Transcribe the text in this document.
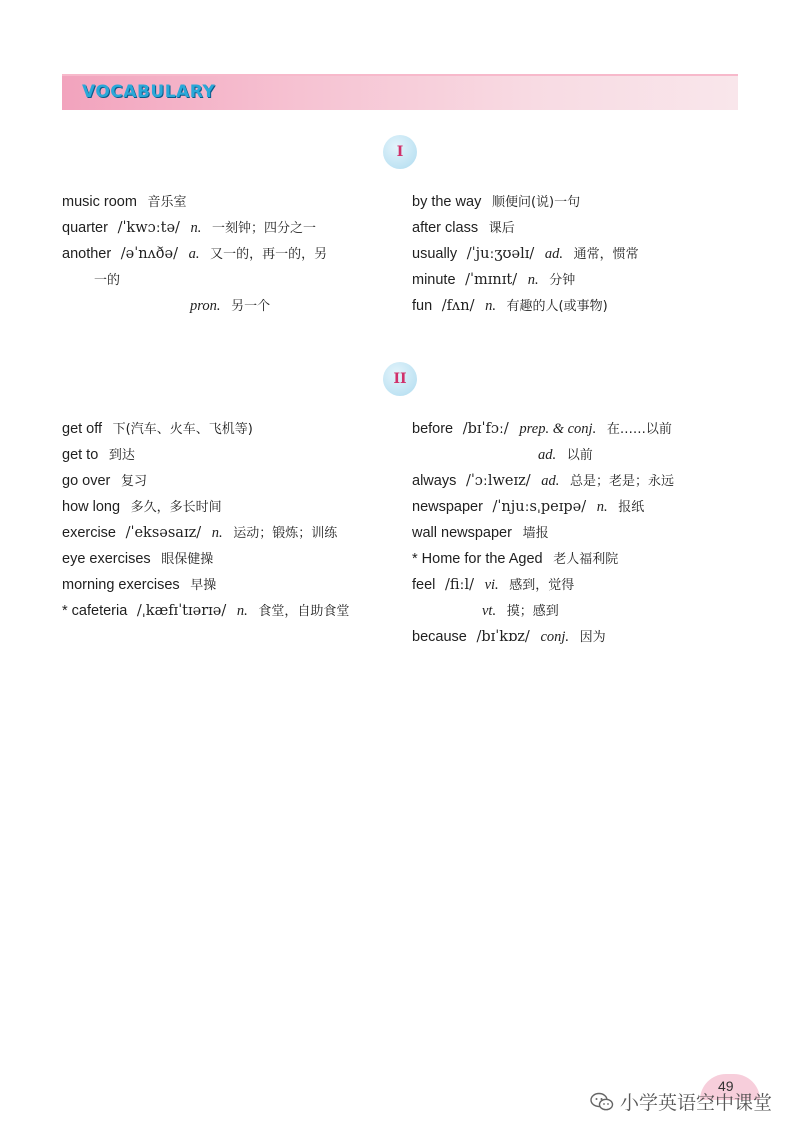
VOCABULARY
I
music room 音乐室
quarter /ˈkwɔːtə/ n. 一刻钟；四分之一
another /əˈnʌðə/ a. 又一的，再一的，另
一的
pron. 另一个
by the way 顺便问(说)一句
after class 课后
usually /ˈjuːʒʊəlɪ/ ad. 通常，惯常
minute /ˈmɪnɪt/ n. 分钟
fun /fʌn/ n. 有趣的人(或事物)
II
get off 下(汽车、火车、飞机等)
get to 到达
go over 复习
how long 多久，多长时间
exercise /ˈeksəsaɪz/ n. 运动；锻炼；训练
eye exercises 眼保健操
morning exercises 早操
* cafeteria /ˌkæfɪˈtɪərɪə/ n. 食堂，自助食堂
before /bɪˈfɔː/ prep. & conj. 在……以前
ad. 以前
always /ˈɔːlweɪz/ ad. 总是；老是；永远
newspaper /ˈnjuːsˌpeɪpə/ n. 报纸
wall newspaper 墙报
* Home for the Aged 老人福利院
feel /fiːl/ vi. 感到，觉得
vt. 摸；感到
because /bɪˈkɒz/ conj. 因为
49
小学英语空中课堂
